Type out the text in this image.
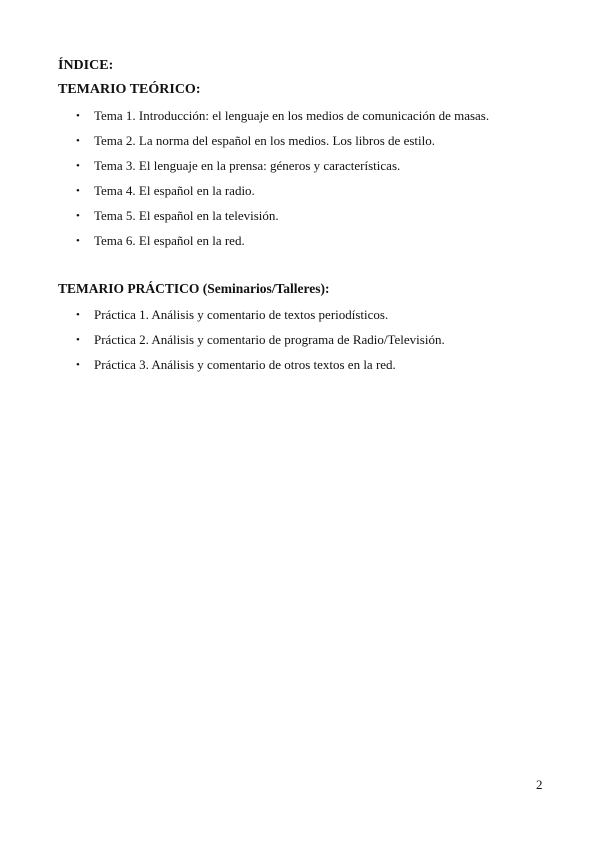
ÍNDICE:
TEMARIO TEÓRICO:
• Tema 1. Introducción: el lenguaje en los medios de comunicación de masas.
• Tema 2. La norma del español en los medios. Los libros de estilo.
• Tema 3. El lenguaje en la prensa: géneros y características.
• Tema 4. El español en la radio.
• Tema 5. El español en la televisión.
• Tema 6. El español en la red.
TEMARIO PRÁCTICO (Seminarios/Talleres):
• Práctica 1. Análisis y comentario de textos periodísticos.
• Práctica 2. Análisis y comentario de programa de Radio/Televisión.
• Práctica 3. Análisis y comentario de otros textos en la red.
2
